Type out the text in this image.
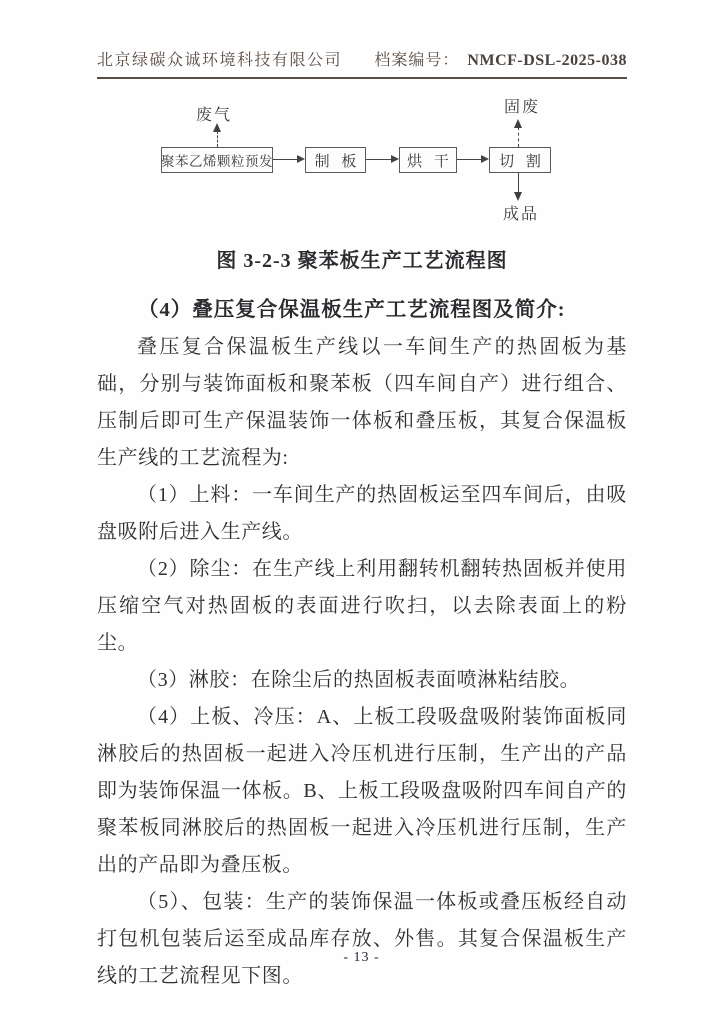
北京绿碳众诚环境科技有限公司 档案编号： NMCF-DSL-2025-038
废气	固废
成品
聚苯乙烯颗粒预发	制 板	烘 干	切 割
图 3-2-3 聚苯板生产工艺流程图
（4）叠压复合保温板生产工艺流程图及简介:

叠压复合保温板生产线以一车间生产的热固板为基础，分别与装饰面板和聚苯板（四车间自产）进行组合、压制后即可生产保温装饰一体板和叠压板，其复合保温板生产线的工艺流程为:

（1）上料：一车间生产的热固板运至四车间后，由吸盘吸附后进入生产线。

（2）除尘：在生产线上利用翻转机翻转热固板并使用压缩空气对热固板的表面进行吹扫，以去除表面上的粉尘。

（3）淋胶：在除尘后的热固板表面喷淋粘结胶。

（4）上板、冷压：A、上板工段吸盘吸附装饰面板同淋胶后的热固板一起进入冷压机进行压制，生产出的产品即为装饰保温一体板。B、上板工段吸盘吸附四车间自产的聚苯板同淋胶后的热固板一起进入冷压机进行压制，生产出的产品即为叠压板。

（5）、包装：生产的装饰保温一体板或叠压板经自动打包机包装后运至成品库存放、外售。其复合保温板生产线的工艺流程见下图。

- 13 -
